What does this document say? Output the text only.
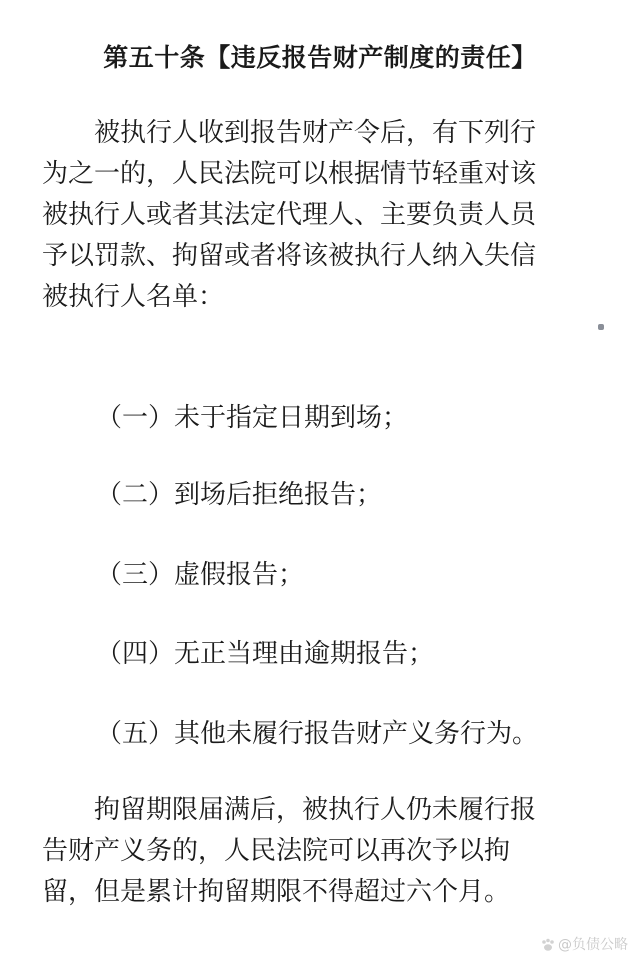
第五十条【违反报告财产制度的责任】
被执行人收到报告财产令后，有下列行
为之一的，人民法院可以根据情节轻重对该
被执行人或者其法定代理人、主要负责人员
予以罚款、拘留或者将该被执行人纳入失信
被执行人名单：
（一）未于指定日期到场；
（二）到场后拒绝报告；
（三）虚假报告；
（四）无正当理由逾期报告；
（五）其他未履行报告财产义务行为。
拘留期限届满后，被执行人仍未履行报
告财产义务的，人民法院可以再次予以拘
留，但是累计拘留期限不得超过六个月。
@负债公略
